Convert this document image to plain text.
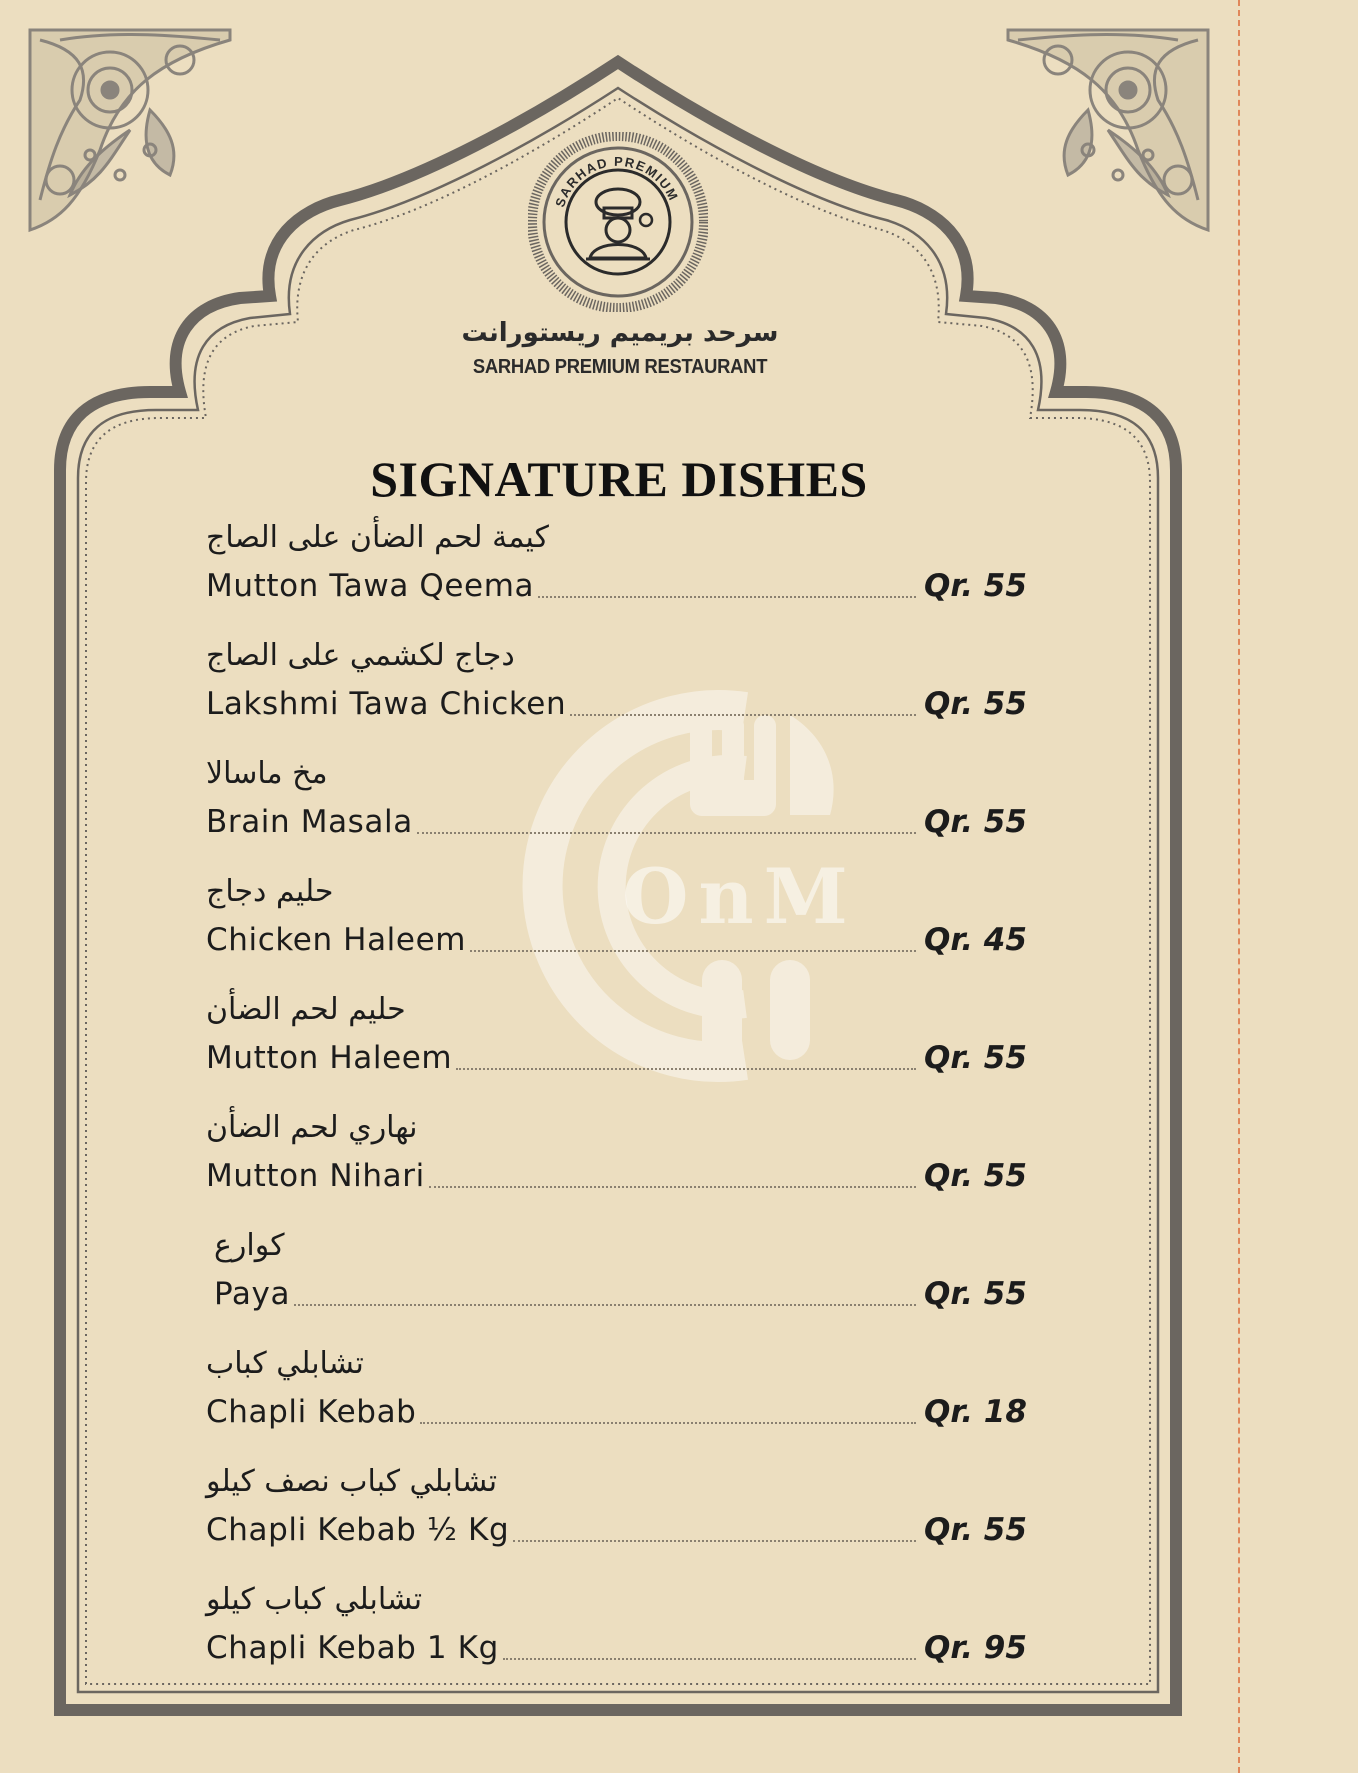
OnM
SARHAD PREMIUM
سرحد بريميم ريستورانت
SARHAD PREMIUM RESTAURANT
SIGNATURE DISHES
كيمة لحم الضأن على الصاج
Mutton Tawa Qeema	Qr. 55
دجاج لكشمي على الصاج
Lakshmi Tawa Chicken	Qr. 55
مخ ماسالا
Brain Masala	Qr. 55
حليم دجاج
Chicken Haleem	Qr. 45
حليم لحم الضأن
Mutton Haleem	Qr. 55
نهاري لحم الضأن
Mutton Nihari	Qr. 55
كوارع
Paya	Qr. 55
تشابلي كباب
Chapli Kebab	Qr. 18
تشابلي كباب نصف كيلو
Chapli Kebab ½ Kg	Qr. 55
تشابلي كباب كيلو
Chapli Kebab 1 Kg	Qr. 95
